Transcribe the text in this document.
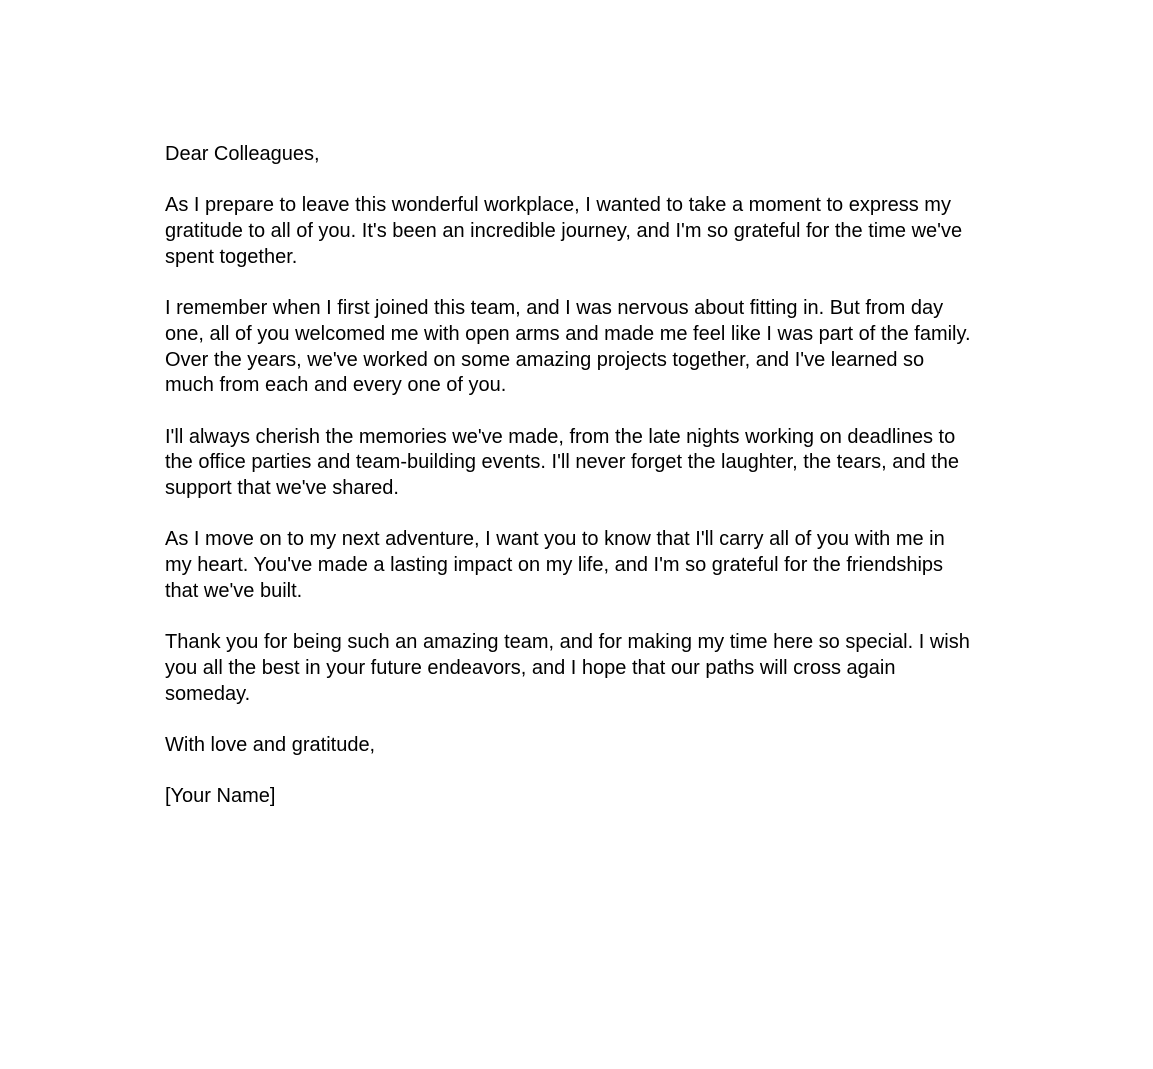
Dear Colleagues,

As I prepare to leave this wonderful workplace, I wanted to take a moment to express my gratitude to all of you. It's been an incredible journey, and I'm so grateful for the time we've spent together.

I remember when I first joined this team, and I was nervous about fitting in. But from day one, all of you welcomed me with open arms and made me feel like I was part of the family. Over the years, we've worked on some amazing projects together, and I've learned so much from each and every one of you.

I'll always cherish the memories we've made, from the late nights working on deadlines to the office parties and team-building events. I'll never forget the laughter, the tears, and the support that we've shared.

As I move on to my next adventure, I want you to know that I'll carry all of you with me in my heart. You've made a lasting impact on my life, and I'm so grateful for the friendships that we've built.

Thank you for being such an amazing team, and for making my time here so special. I wish you all the best in your future endeavors, and I hope that our paths will cross again someday.

With love and gratitude,

[Your Name]
